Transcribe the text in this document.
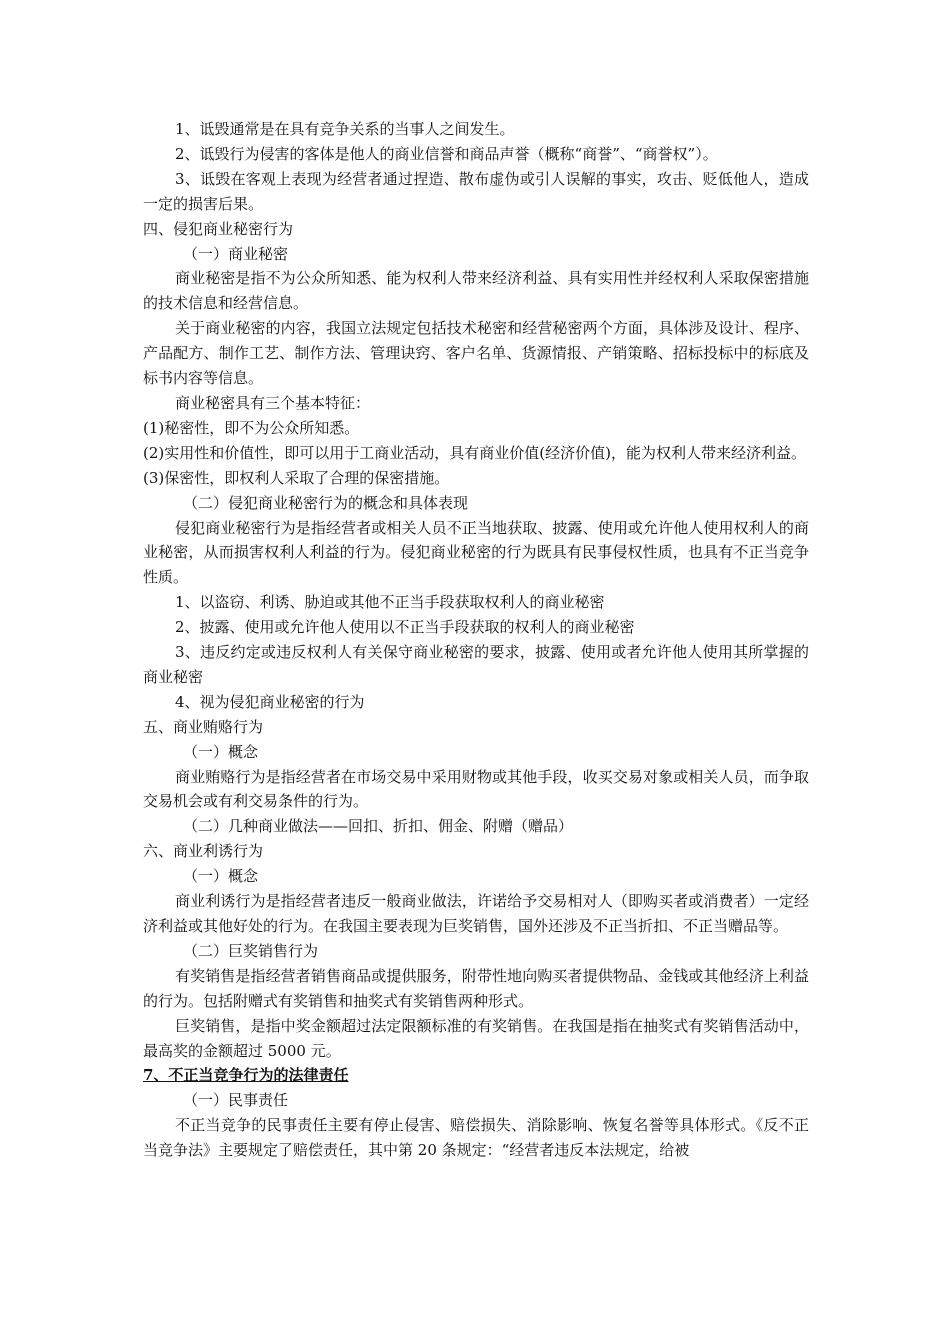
1、诋毁通常是在具有竞争关系的当事人之间发生。

2、诋毁行为侵害的客体是他人的商业信誉和商品声誉（概称“商誉”、“商誉权”）。

3、诋毁在客观上表现为经营者通过捏造、散布虚伪或引人误解的事实，攻击、贬低他人，造成一定的损害后果。

四、侵犯商业秘密行为

（一）商业秘密

商业秘密是指不为公众所知悉、能为权利人带来经济利益、具有实用性并经权利人采取保密措施的技术信息和经营信息。

关于商业秘密的内容，我国立法规定包括技术秘密和经营秘密两个方面，具体涉及设计、程序、产品配方、制作工艺、制作方法、管理诀窍、客户名单、货源情报、产销策略、招标投标中的标底及标书内容等信息。

商业秘密具有三个基本特征：

(1)秘密性，即不为公众所知悉。

(2)实用性和价值性，即可以用于工商业活动，具有商业价值(经济价值)，能为权利人带来经济利益。

(3)保密性，即权利人采取了合理的保密措施。

（二）侵犯商业秘密行为的概念和具体表现

侵犯商业秘密行为是指经营者或相关人员不正当地获取、披露、使用或允许他人使用权利人的商业秘密，从而损害权利人利益的行为。侵犯商业秘密的行为既具有民事侵权性质，也具有不正当竞争性质。

1、以盗窃、利诱、胁迫或其他不正当手段获取权利人的商业秘密

2、披露、使用或允许他人使用以不正当手段获取的权利人的商业秘密

3、违反约定或违反权利人有关保守商业秘密的要求，披露、使用或者允许他人使用其所掌握的商业秘密

4、视为侵犯商业秘密的行为

五、商业贿赂行为

（一）概念

商业贿赂行为是指经营者在市场交易中采用财物或其他手段，收买交易对象或相关人员，而争取交易机会或有利交易条件的行为。

（二）几种商业做法——回扣、折扣、佣金、附赠（赠品）

六、商业利诱行为

（一）概念

商业利诱行为是指经营者违反一般商业做法，许诺给予交易相对人（即购买者或消费者）一定经济利益或其他好处的行为。在我国主要表现为巨奖销售，国外还涉及不正当折扣、不正当赠品等。

（二）巨奖销售行为

有奖销售是指经营者销售商品或提供服务，附带性地向购买者提供物品、金钱或其他经济上利益的行为。包括附赠式有奖销售和抽奖式有奖销售两种形式。

巨奖销售，是指中奖金额超过法定限额标准的有奖销售。在我国是指在抽奖式有奖销售活动中，最高奖的金额超过 5000 元。

7、不正当竞争行为的法律责任

（一）民事责任

不正当竞争的民事责任主要有停止侵害、赔偿损失、消除影响、恢复名誉等具体形式。《反不正当竞争法》主要规定了赔偿责任，其中第 20 条规定：“经营者违反本法规定，给被
